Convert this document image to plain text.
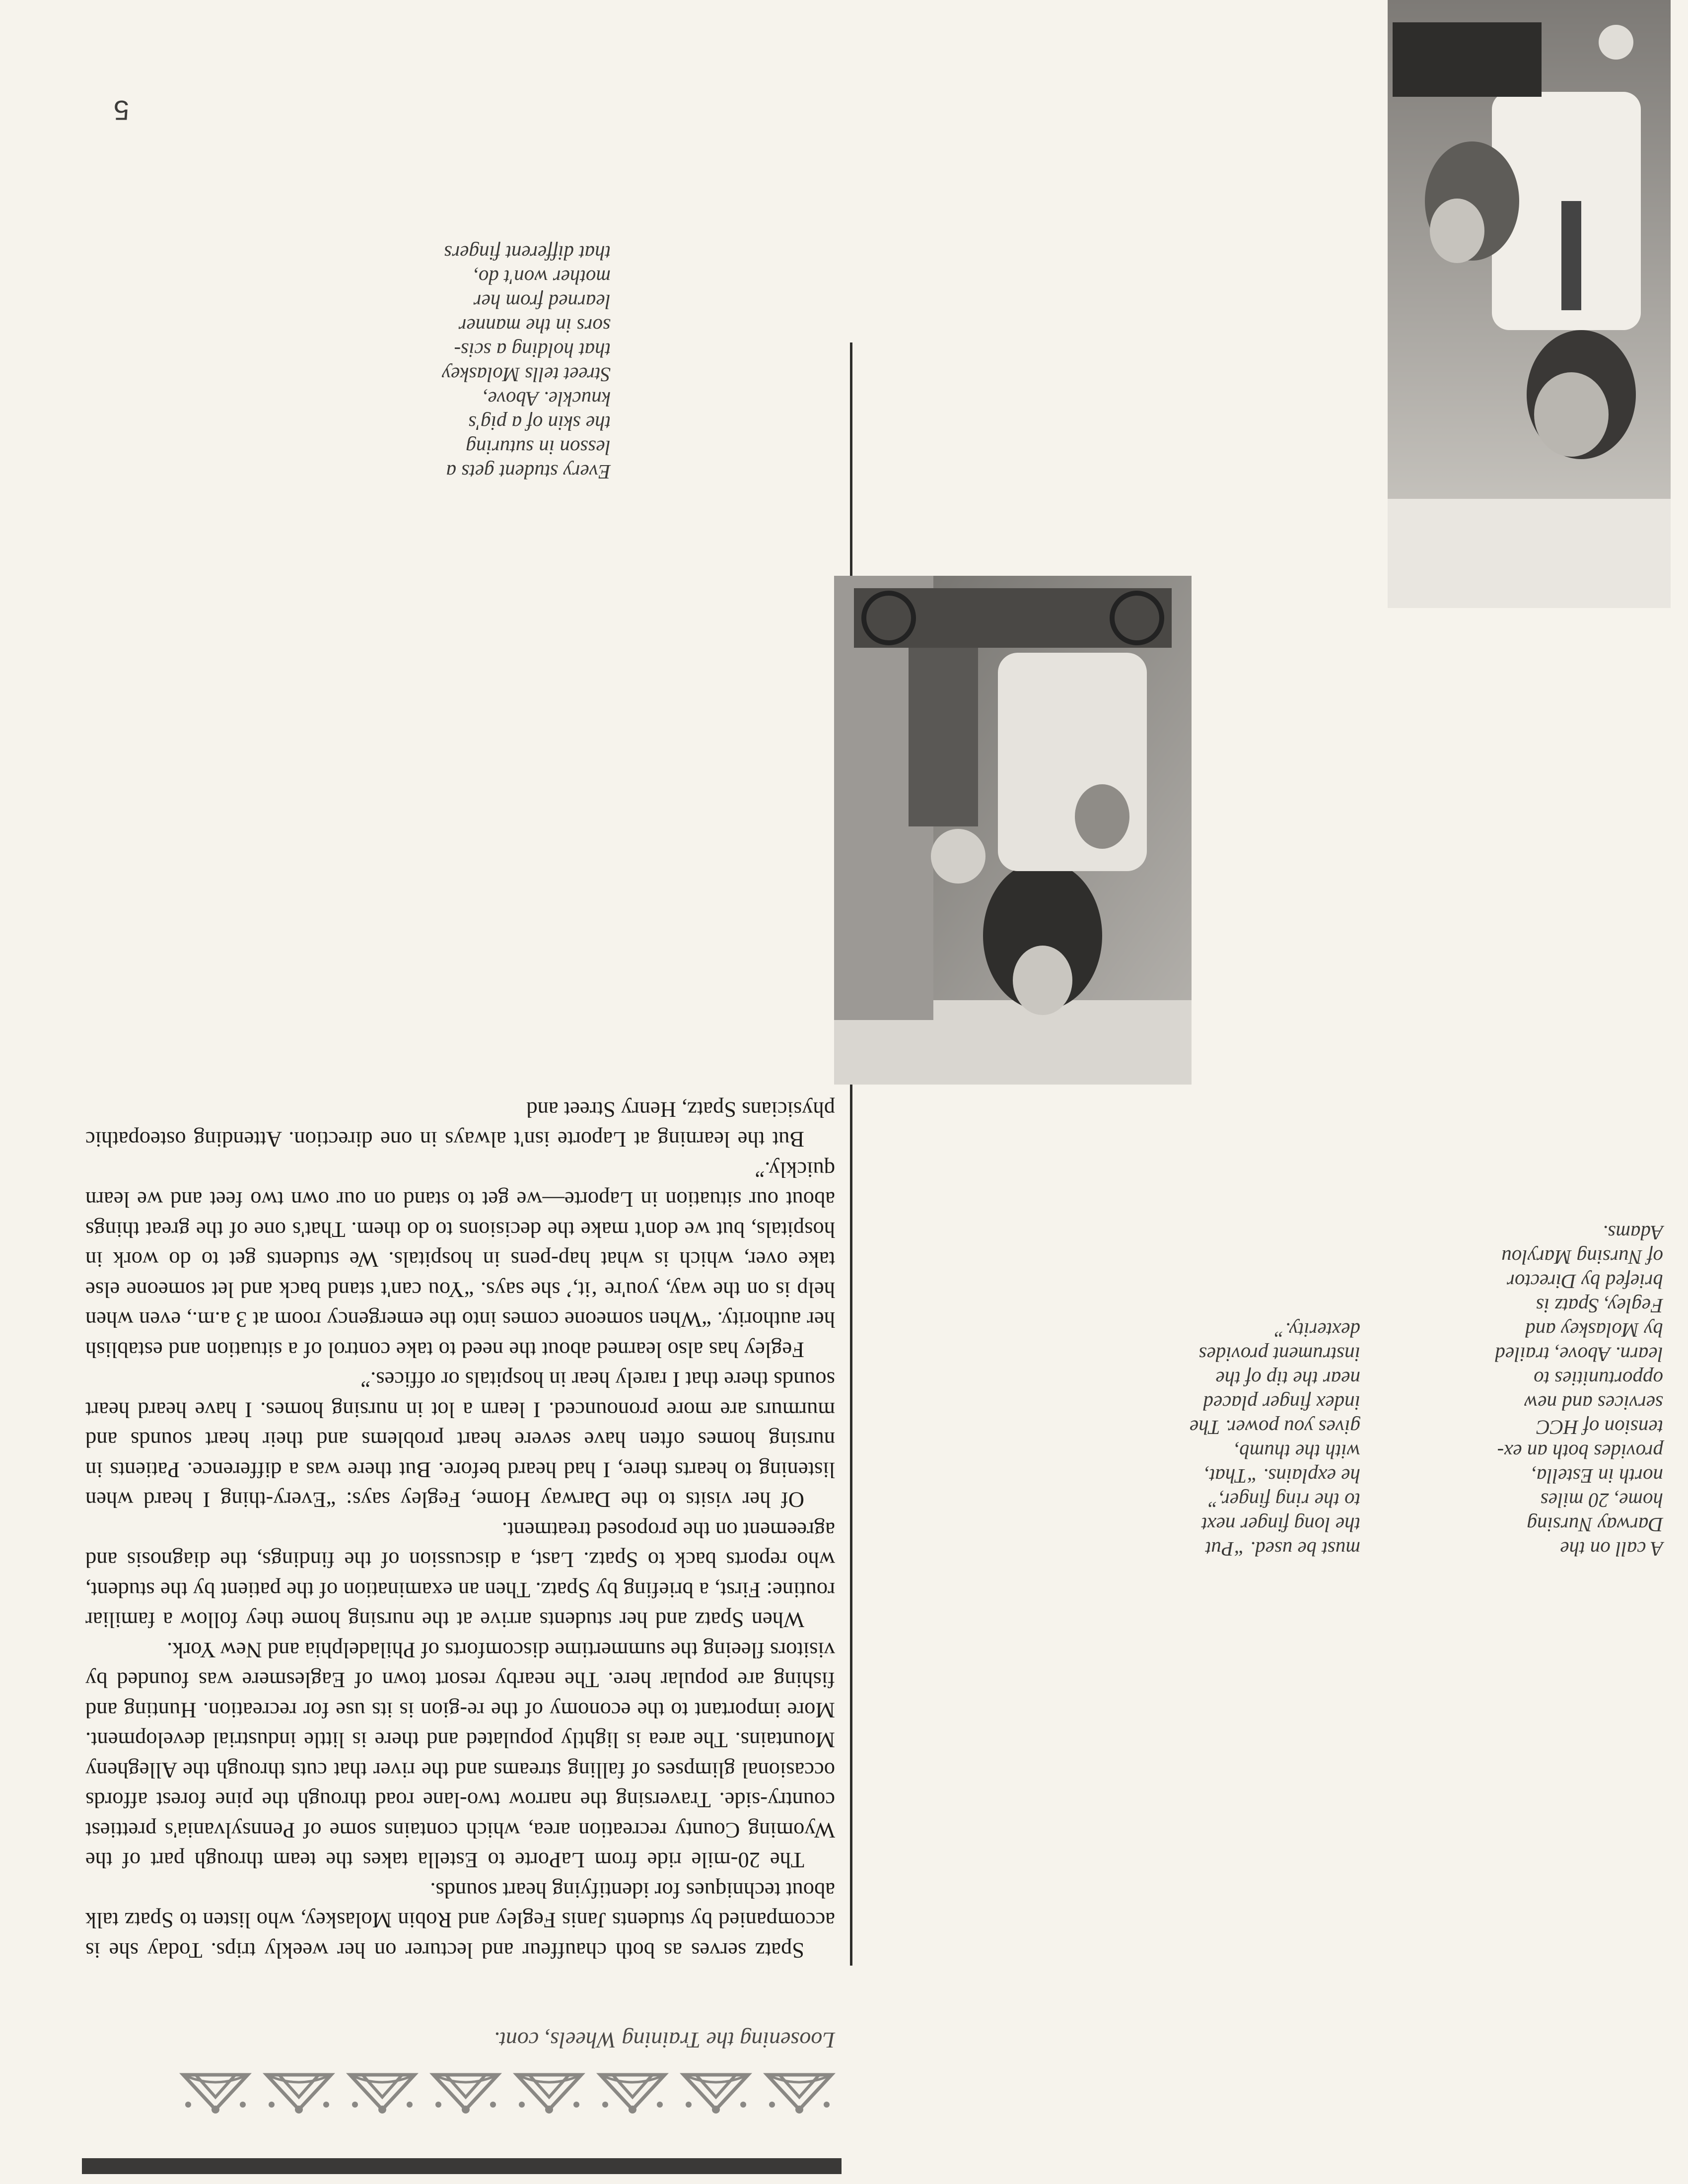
Loosening the Training Wheels, cont.

Spatz serves as both chauffeur and lecturer on her weekly trips. Today she is accompanied by students Janis Fegley and Robin Molaskey, who listen to Spatz talk about techniques for identifying heart sounds.

The 20-mile ride from LaPorte to Estella takes the team through part of the Wyoming County recreation area, which contains some of Pennsylvania's prettiest country-side. Traversing the narrow two-lane road through the pine forest affords occasional glimpses of falling streams and the river that cuts through the Allegheny Mountains. The area is lightly populated and there is little industrial development. More important to the economy of the re-gion is its use for recreation. Hunting and fishing are popular here. The nearby resort town of Eaglesmere was founded by visitors fleeing the summertime discomforts of Philadelphia and New York.

When Spatz and her students arrive at the nursing home they follow a familiar routine: First, a briefing by Spatz. Then an examination of the patient by the student, who reports back to Spatz. Last, a discussion of the findings, the diagnosis and agreement on the proposed treatment.

Of her visits to the Darway Home, Fegley says: “Every-thing I heard when listening to hearts there, I had heard before. But there was a difference. Patients in nursing homes often have severe heart problems and their heart sounds and murmurs are more pronounced. I learn a lot in nursing homes. I have heard heart sounds there that I rarely hear in hospitals or offices.”

Fegley has also learned about the need to take control of a situation and establish her authority. “When someone comes into the emergency room at 3 a.m., even when help is on the way, you're ‘it,’ she says. “You can't stand back and let someone else take over, which is what hap-pens in hospitals. We students get to do work in hospitals, but we don't make the decisions to do them. That's one of the great things about our situation in Laporte—we get to stand on our own two feet and we learn quickly.”

But the learning at Laporte isn't always in one direction. Attending osteopathic physicians Spatz, Henry Street and

5
A call on the
Darway Nursing
home, 20 miles
north in Estella,
provides both an ex-
tension of HCC
services and new
opportunities to
learn. Above, trailed
by Molaskey and
Fegley, Spatz is
briefed by Director
of Nursing Marylou
Adams.
must be used. “Put
the long finger next
to the ring finger,”
he explains. “That,
with the thumb,
gives you power. The
index finger placed
near the tip of the
instrument provides
dexterity.”
Every student gets a
lesson in suturing
the skin of a pig's
knuckle. Above,
Street tells Molaskey
that holding a scis-
sors in the manner
learned from her
mother won't do,
that different fingers
